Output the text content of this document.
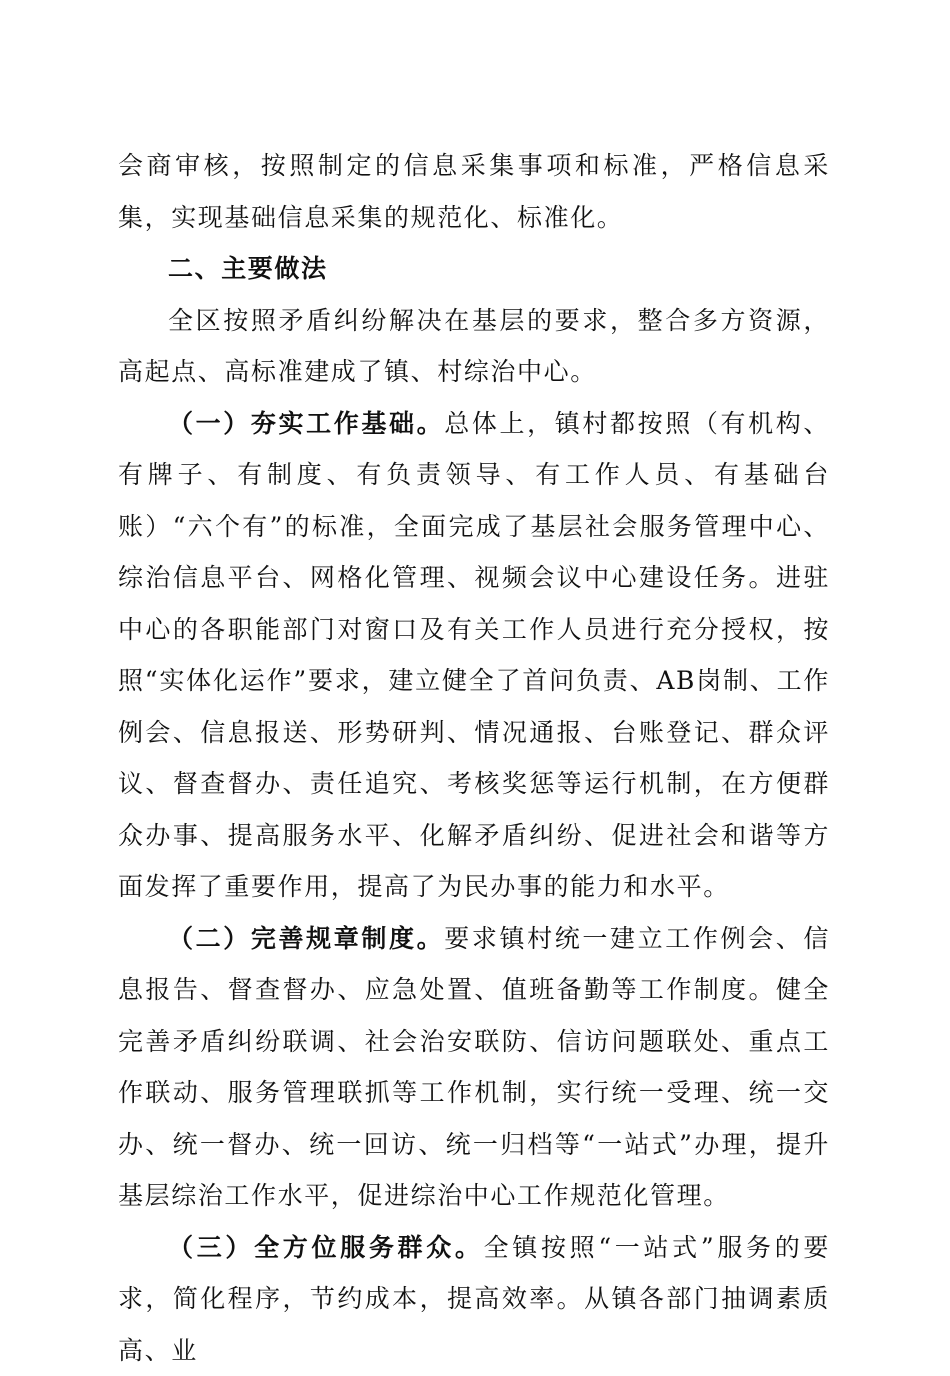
会商审核，按照制定的信息采集事项和标准，严格信息采集，实现基础信息采集的规范化、标准化。

二、主要做法

全区按照矛盾纠纷解决在基层的要求，整合多方资源，高起点、高标准建成了镇、村综治中心。

（一）夯实工作基础。总体上，镇村都按照（有机构、有牌子、有制度、有负责领导、有工作人员、有基础台账）“六个有”的标准，全面完成了基层社会服务管理中心、综治信息平台、网格化管理、视频会议中心建设任务。进驻中心的各职能部门对窗口及有关工作人员进行充分授权，按照“实体化运作”要求，建立健全了首问负责、AB岗制、工作例会、信息报送、形势研判、情况通报、台账登记、群众评议、督查督办、责任追究、考核奖惩等运行机制，在方便群众办事、提高服务水平、化解矛盾纠纷、促进社会和谐等方面发挥了重要作用，提高了为民办事的能力和水平。

（二）完善规章制度。要求镇村统一建立工作例会、信息报告、督查督办、应急处置、值班备勤等工作制度。健全完善矛盾纠纷联调、社会治安联防、信访问题联处、重点工作联动、服务管理联抓等工作机制，实行统一受理、统一交办、统一督办、统一回访、统一归档等“一站式”办理，提升基层综治工作水平，促进综治中心工作规范化管理。

（三）全方位服务群众。全镇按照“一站式”服务的要求，简化程序，节约成本，提高效率。从镇各部门抽调素质高、业
